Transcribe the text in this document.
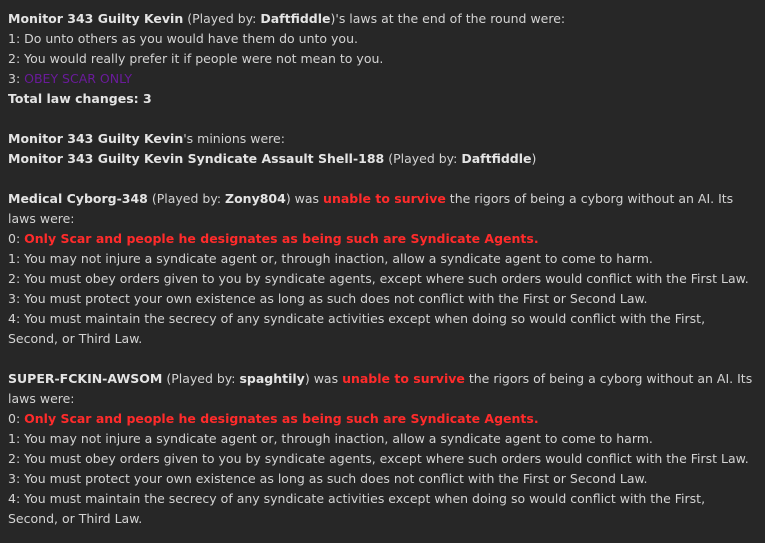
Monitor 343 Guilty Kevin (Played by: Daftfiddle)'s laws at the end of the round were:
1: Do unto others as you would have them do unto you.
2: You would really prefer it if people were not mean to you.
3: OBEY SCAR ONLY
Total law changes: 3
Monitor 343 Guilty Kevin's minions were:
Monitor 343 Guilty Kevin Syndicate Assault Shell-188 (Played by: Daftfiddle)
Medical Cyborg-348 (Played by: Zony804) was unable to survive the rigors of being a cyborg without an AI. Its laws were:
0: Only Scar and people he designates as being such are Syndicate Agents.
1: You may not injure a syndicate agent or, through inaction, allow a syndicate agent to come to harm.
2: You must obey orders given to you by syndicate agents, except where such orders would conflict with the First Law.
3: You must protect your own existence as long as such does not conflict with the First or Second Law.
4: You must maintain the secrecy of any syndicate activities except when doing so would conflict with the First, Second, or Third Law.
SUPER-FCKIN-AWSOM (Played by: spaghtily) was unable to survive the rigors of being a cyborg without an AI. Its laws were:
0: Only Scar and people he designates as being such are Syndicate Agents.
1: You may not injure a syndicate agent or, through inaction, allow a syndicate agent to come to harm.
2: You must obey orders given to you by syndicate agents, except where such orders would conflict with the First Law.
3: You must protect your own existence as long as such does not conflict with the First or Second Law.
4: You must maintain the secrecy of any syndicate activities except when doing so would conflict with the First, Second, or Third Law.
